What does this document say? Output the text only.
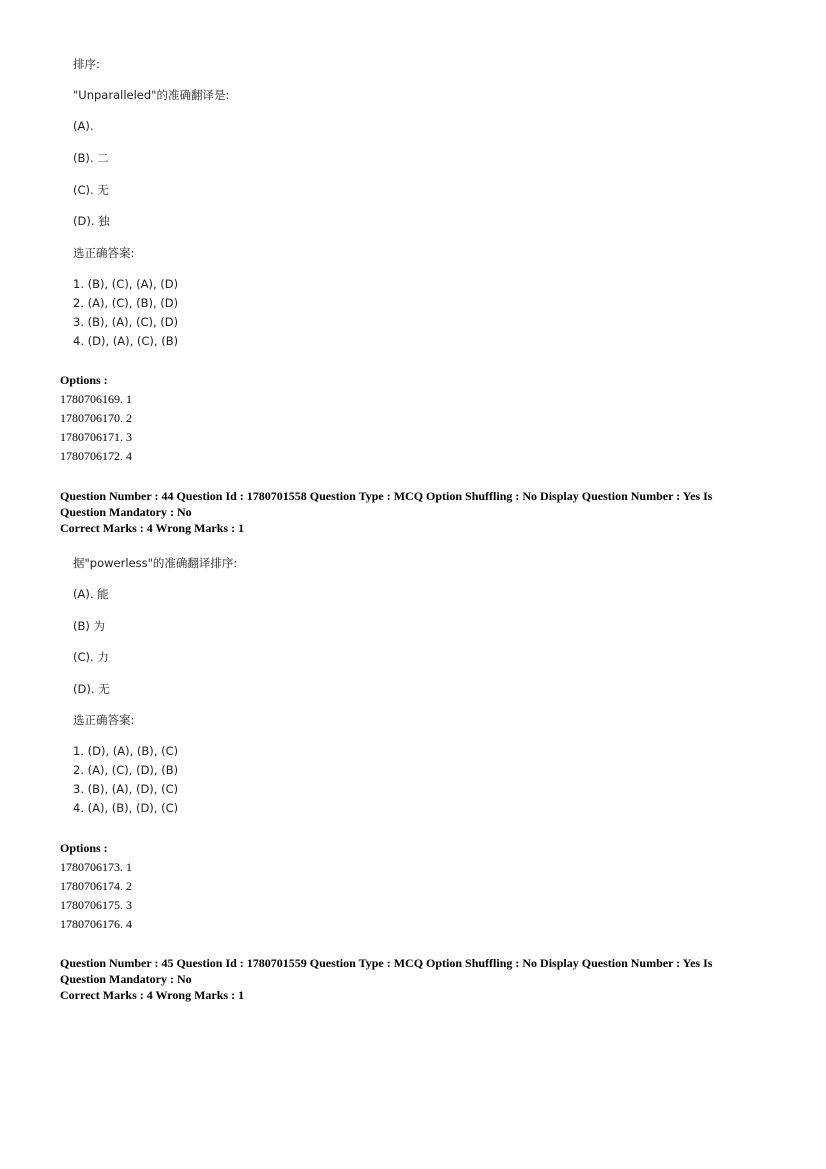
排序:
"Unparalleled"的准确翻译是:
(A).
(B). 二
(C). 无
(D). 独
选正确答案:
1. (B), (C), (A), (D)
2. (A), (C), (B), (D)
3. (B), (A), (C), (D)
4. (D), (A), (C), (B)
Options :
1780706169. 1
1780706170. 2
1780706171. 3
1780706172. 4
Question Number : 44 Question Id : 1780701558 Question Type : MCQ Option Shuffling : No Display Question Number : Yes Is
Question Mandatory : No
Correct Marks : 4 Wrong Marks : 1
据"powerless"的准确翻译排序:
(A). 能
(B) 为
(C). 力
(D). 无
选正确答案:
1. (D), (A), (B), (C)
2. (A), (C), (D), (B)
3. (B), (A), (D), (C)
4. (A), (B), (D), (C)
Options :
1780706173. 1
1780706174. 2
1780706175. 3
1780706176. 4
Question Number : 45 Question Id : 1780701559 Question Type : MCQ Option Shuffling : No Display Question Number : Yes Is
Question Mandatory : No
Correct Marks : 4 Wrong Marks : 1
